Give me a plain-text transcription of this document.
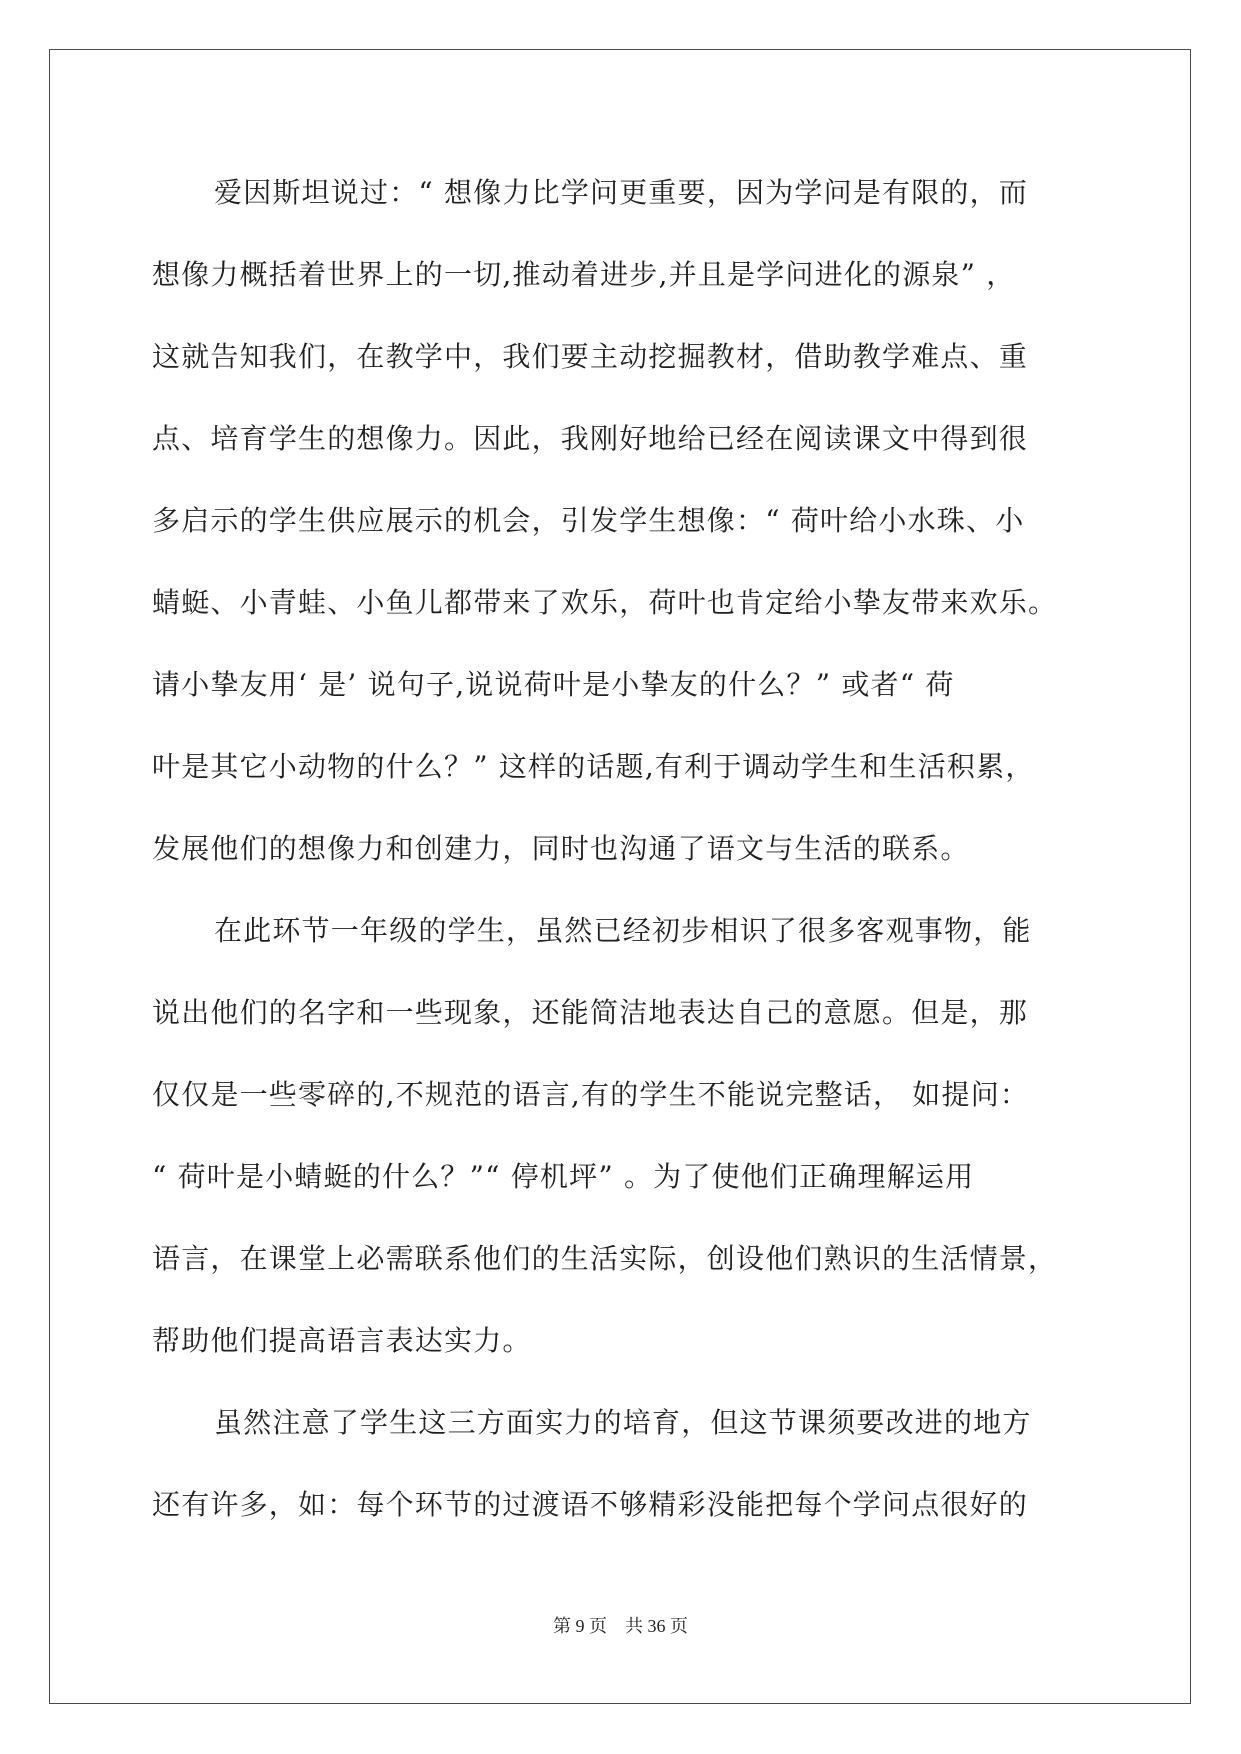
爱因斯坦说过：“ 想像力比学问更重要，因为学问是有限的，而
想像力概括着世界上的一切,推动着进步,并且是学问进化的源泉” ，
这就告知我们，在教学中，我们要主动挖掘教材，借助教学难点、重
点、培育学生的想像力。因此，我刚好地给已经在阅读课文中得到很
多启示的学生供应展示的机会，引发学生想像：“ 荷叶给小水珠、小
蜻蜓、小青蛙、小鱼儿都带来了欢乐，荷叶也肯定给小挚友带来欢乐。
请小挚友用‘ 是’ 说句子,说说荷叶是小挚友的什么？” 或者“ 荷
叶是其它小动物的什么？” 这样的话题,有利于调动学生和生活积累，
发展他们的想像力和创建力，同时也沟通了语文与生活的联系。
在此环节一年级的学生，虽然已经初步相识了很多客观事物，能
说出他们的名字和一些现象，还能简洁地表达自己的意愿。但是，那
仅仅是一些零碎的,不规范的语言,有的学生不能说完整话， 如提问：
“ 荷叶是小蜻蜓的什么？”“ 停机坪” 。为了使他们正确理解运用
语言，在课堂上必需联系他们的生活实际，创设他们熟识的生活情景，
帮助他们提高语言表达实力。
虽然注意了学生这三方面实力的培育，但这节课须要改进的地方
还有许多，如：每个环节的过渡语不够精彩没能把每个学问点很好的
第 9 页    共 36 页
